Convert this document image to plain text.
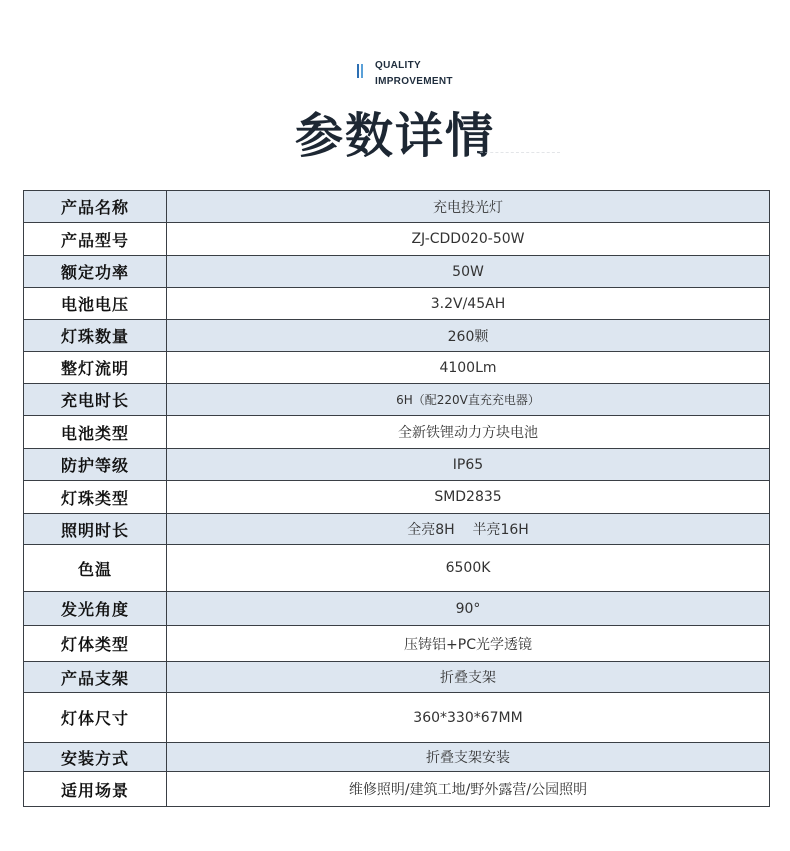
QUALITY
IMPROVEMENT
参数详情
产品名称	充电投光灯
产品型号	ZJ-CDD020-50W
额定功率	50W
电池电压	3.2V/45AH
灯珠数量	260颗
整灯流明	4100Lm
充电时长	6H（配220V直充充电器）
电池类型	全新铁锂动力方块电池
防护等级	IP65
灯珠类型	SMD2835
照明时长	全亮8H    半亮16H
色温	6500K
发光角度	90°
灯体类型	压铸铝+PC光学透镜
产品支架	折叠支架
灯体尺寸	360*330*67MM
安装方式	折叠支架安装
适用场景	维修照明/建筑工地/野外露营/公园照明
